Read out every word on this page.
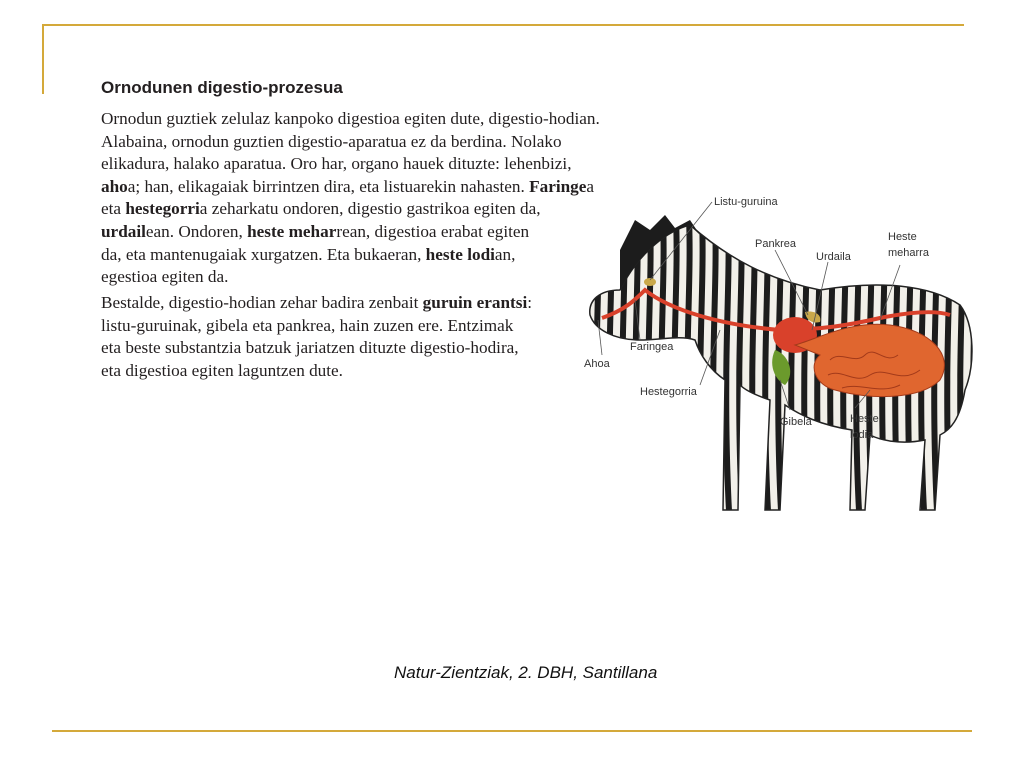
Ornodunen digestio-prozesua

Ornodun guztiek zelulaz kanpoko digestioa egiten dute, digestio-hodian.
Alabaina, ornodun guztien digestio-aparatua ez da berdina. Nolako
elikadura, halako aparatua. Oro har, organo hauek dituzte: lehenbizi,
ahoa; han, elikagaiak birrintzen dira, eta listuarekin nahasten. Faringea
eta hestegorria zeharkatu ondoren, digestio gastrikoa egiten da,
urdailean. Ondoren, heste meharrean, digestioa erabat egiten
da, eta mantenugaiak xurgatzen. Eta bukaeran, heste lodian,
egestioa egiten da.

Bestalde, digestio-hodian zehar badira zenbait guruin erantsi:
listu-guruinak, gibela eta pankrea, hain zuzen ere. Entzimak
eta beste substantzia batzuk jariatzen dituzte digestio-hodira,
eta digestioa egiten laguntzen dute.

Listu-guruina
Pankrea
Urdaila
Heste
meharra
Faringea
Ahoa
Hestegorria
Gibela	Heste
lodia
Natur-Zientziak, 2. DBH, Santillana
